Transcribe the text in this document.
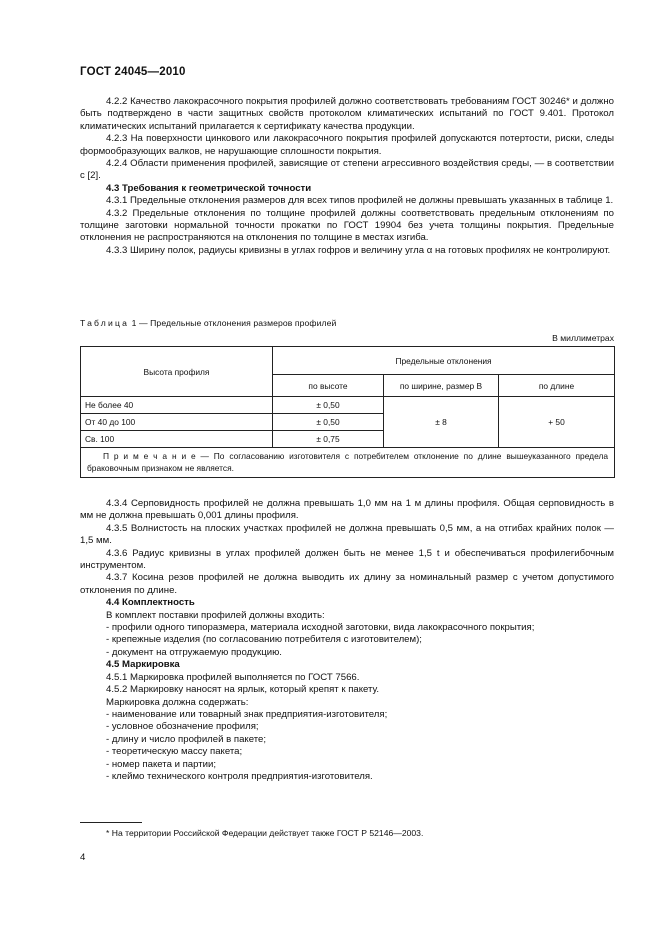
ГОСТ 24045—2010

4.2.2 Качество лакокрасочного покрытия профилей должно соответствовать требованиям ГОСТ 30246* и должно быть подтверждено в части защитных свойств протоколом климатических испытаний по ГОСТ 9.401. Протокол климатических испытаний прилагается к сертификату качества продукции.

4.2.3 На поверхности цинкового или лакокрасочного покрытия профилей допускаются потертости, риски, следы формообразующих валков, не нарушающие сплошности покрытия.

4.2.4 Области применения профилей, зависящие от степени агрессивного воздействия среды, — в соответствии с [2].

4.3 Требования к геометрической точности

4.3.1 Предельные отклонения размеров для всех типов профилей не должны превышать указанных в таблице 1.

4.3.2 Предельные отклонения по толщине профилей должны соответствовать предельным отклонениям по толщине заготовки нормальной точности прокатки по ГОСТ 19904 без учета толщины покрытия. Предельные отклонения не распространяются на отклонения по толщине в местах изгиба.

4.3.3 Ширину полок, радиусы кривизны в углах гофров и величину угла α на готовых профилях не контролируют.

Таблица 1 — Предельные отклонения размеров профилей
В миллиметрах
Высота профиля	Предельные отклонения		
	по высоте	по ширине, размер B	по длине
Не более 40	± 0,50	± 8	+ 50
От 40 до 100	± 0,50		
Св. 100	± 0,75		
П р и м е ч а н и е — По согласованию изготовителя с потребителем отклонение по длине вышеуказанного предела браковочным признаком не является.			

4.3.4 Серповидность профилей не должна превышать 1,0 мм на 1 м длины профиля. Общая серповидность в мм не должна превышать 0,001 длины профиля.

4.3.5 Волнистость на плоских участках профилей не должна превышать 0,5 мм, а на отгибах крайних полок — 1,5 мм.

4.3.6 Радиус кривизны в углах профилей должен быть не менее 1,5 t и обеспечиваться профилегибочным инструментом.

4.3.7 Косина резов профилей не должна выводить их длину за номинальный размер с учетом допустимого отклонения по длине.

4.4 Комплектность

В комплект поставки профилей должны входить:

- профили одного типоразмера, материала исходной заготовки, вида лакокрасочного покрытия;

- крепежные изделия (по согласованию потребителя с изготовителем);

- документ на отгружаемую продукцию.

4.5 Маркировка

4.5.1 Маркировка профилей выполняется по ГОСТ 7566.

4.5.2 Маркировку наносят на ярлык, который крепят к пакету.

Маркировка должна содержать:

- наименование или товарный знак предприятия-изготовителя;

- условное обозначение профиля;

- длину и число профилей в пакете;

- теоретическую массу пакета;

- номер пакета и партии;

- клеймо технического контроля предприятия-изготовителя.

* На территории Российской Федерации действует также ГОСТ Р 52146—2003.
4
